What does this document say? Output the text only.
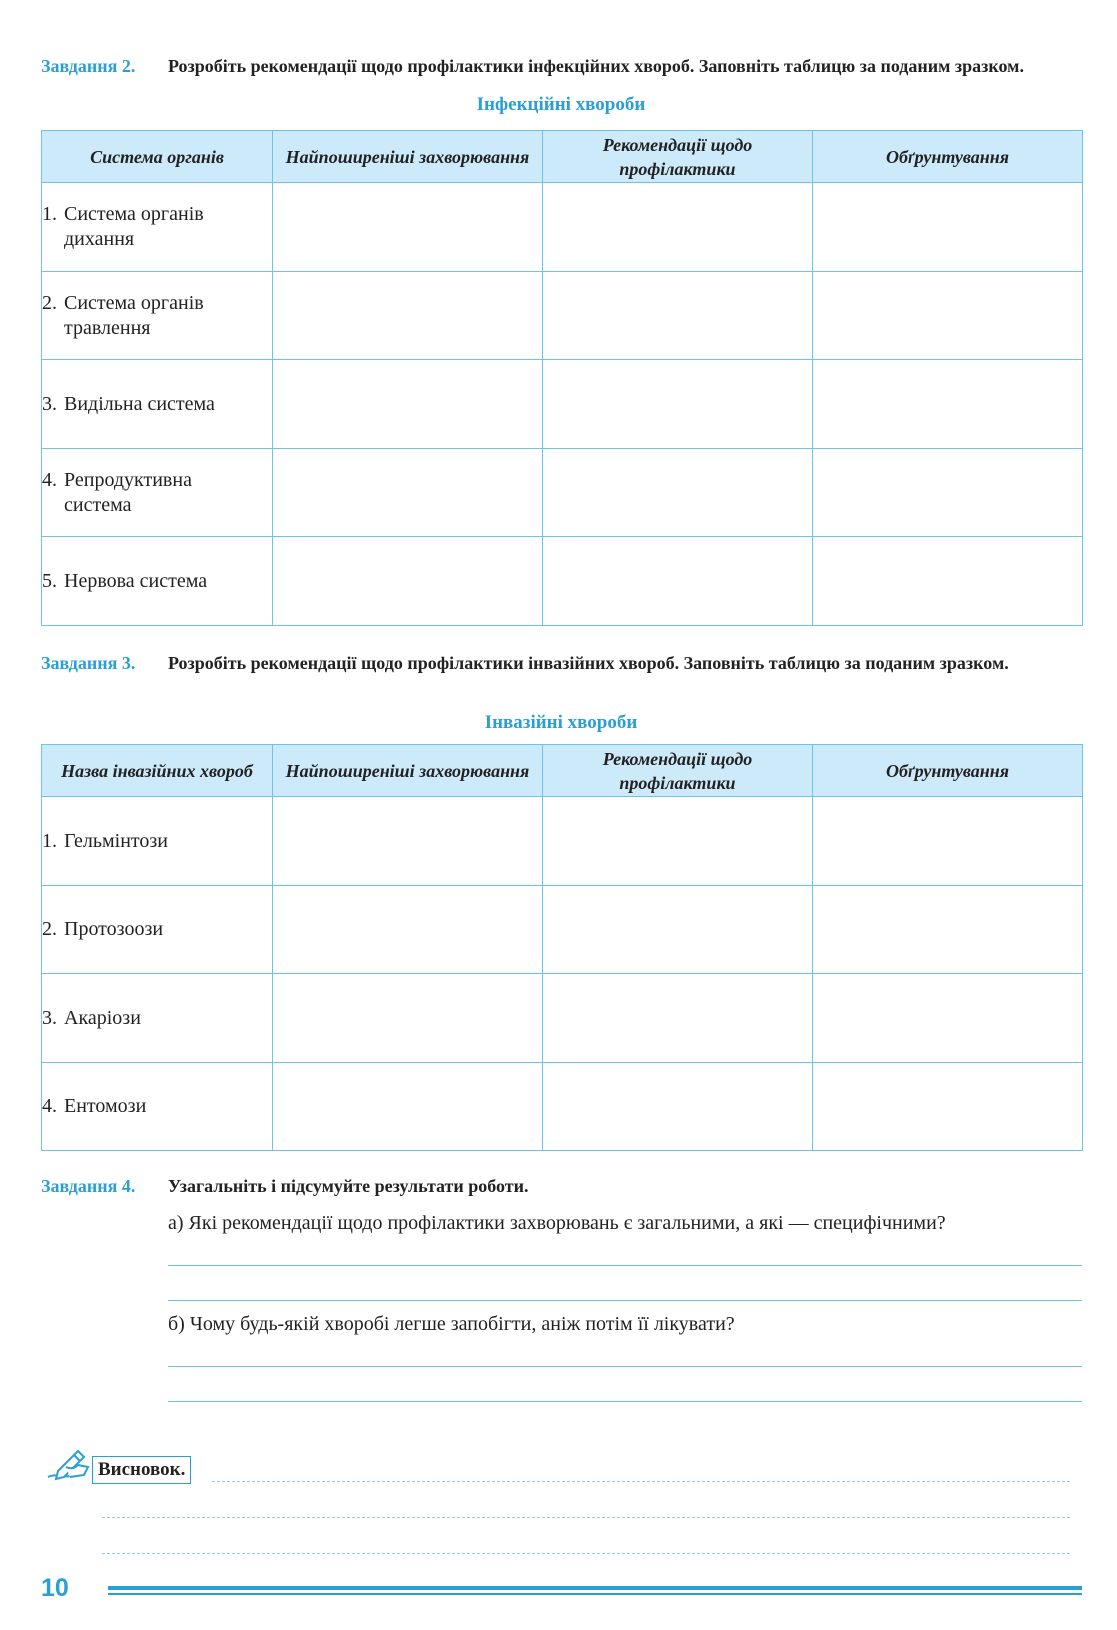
Завдання 2. Розробіть рекомендації щодо профілактики інфекційних хвороб. Заповніть таблицю за поданим зразком.
Інфекційні хвороби
Система органів	Найпоширеніші захворювання	Рекомендації щодо профілактики	Обґрунтування
1. Система органів
дихання			

2. Система органів
травлення			

3. Видільна система			
4. Репродуктивна
система			

5. Нервова система			
Завдання 3. Розробіть рекомендації щодо профілактики інвазійних хвороб. Заповніть таблицю за поданим зразком.
Інвазійні хвороби
Назва інвазійних хвороб	Найпоширеніші захворювання	Рекомендації щодо профілактики	Обґрунтування
1. Гельмінтози			
2. Протозоози			
3. Акаріози			
4. Ентомози			
Завдання 4. Узагальніть і підсумуйте результати роботи.
а) Які рекомендації щодо профілактики захворювань є загальними, а які — специфічними?
б) Чому будь-якій хворобі легше запобігти, аніж потім її лікувати?
Висновок.
10
